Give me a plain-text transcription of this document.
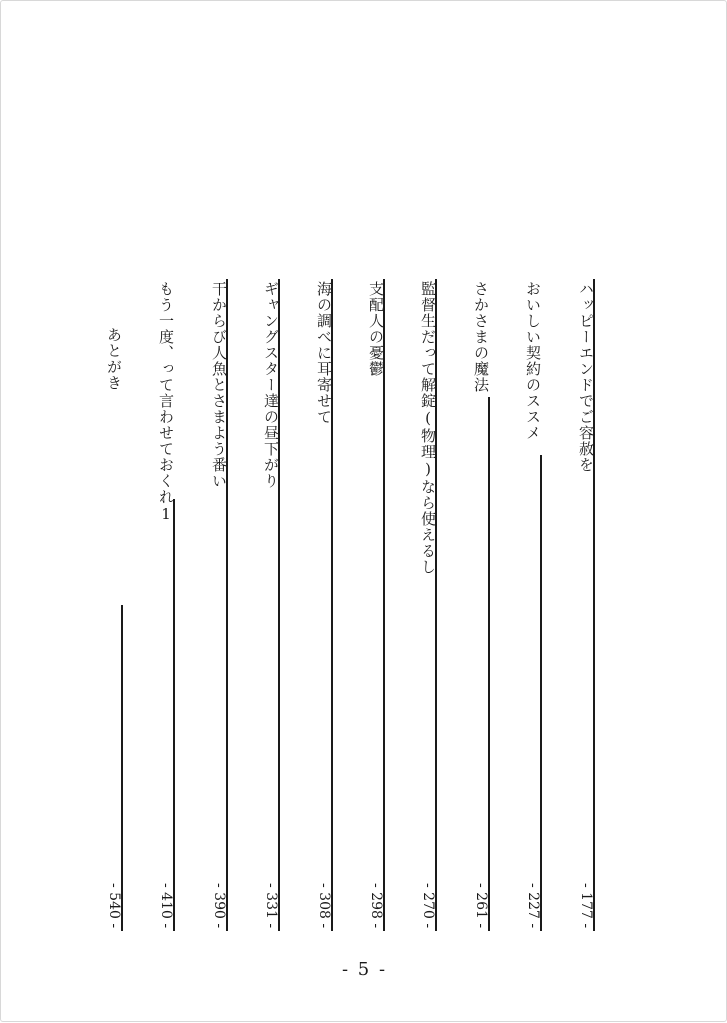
ハッピーエンドでご容赦を
- 177 -
おいしい契約のススメ
- 227 -
さかさまの魔法
- 261 -
監督生だって解錠(物理)なら使えるし
- 270 -
支配人の憂鬱
- 298 -
海の調べに耳寄せて
- 308 -
ギャングスター達の昼下がり
- 331 -
干からび人魚とさまよう番い
- 390 -
もう一度、って言わせておくれ1
- 410 -
あとがき
- 540 -
- 5 -
